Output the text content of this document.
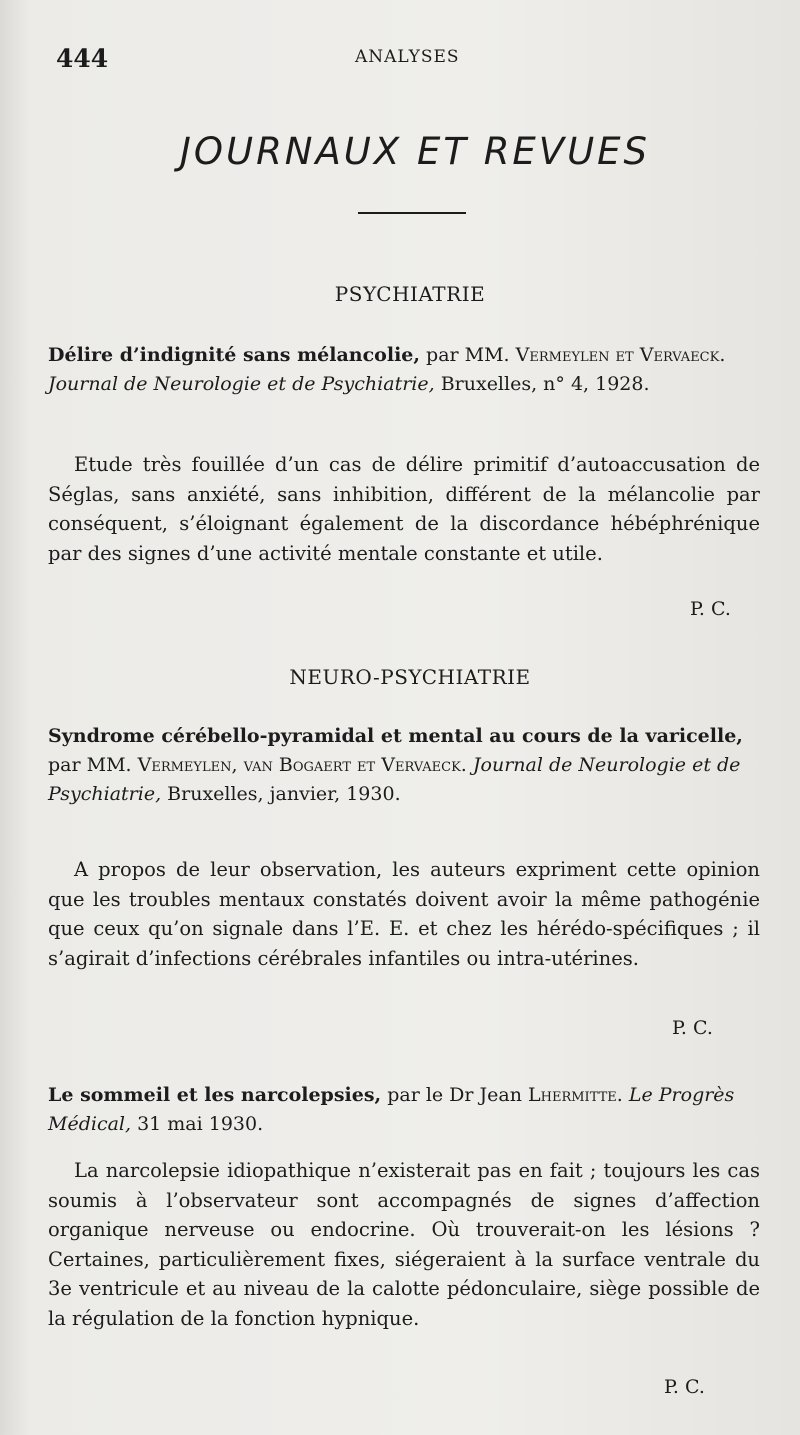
444	ANALYSES
JOURNAUX ET REVUES
PSYCHIATRIE
Délire d’indignité sans mélancolie, par MM. Vermeylen et Vervaeck. Journal de Neurologie et de Psychiatrie, Bruxelles, n° 4, 1928.
Etude très fouillée d’un cas de délire primitif d’autoaccusation de Séglas, sans anxiété, sans inhibition, différent de la mélancolie par conséquent, s’éloignant également de la discordance hébéphrénique par des signes d’une activité mentale constante et utile.
P. C.
NEURO-PSYCHIATRIE
Syndrome cérébello-pyramidal et mental au cours de la varicelle, par MM. Vermeylen, van Bogaert et Vervaeck. Journal de Neurologie et de Psychiatrie, Bruxelles, janvier, 1930.
A propos de leur observation, les auteurs expriment cette opinion que les troubles mentaux constatés doivent avoir la même pathogénie que ceux qu’on signale dans l’E. E. et chez les hérédo-spécifiques ; il s’agirait d’infections cérébrales infantiles ou intra-utérines.
P. C.
Le sommeil et les narcolepsies, par le Dr Jean Lhermitte. Le Progrès Médical, 31 mai 1930.
La narcolepsie idiopathique n’existerait pas en fait ; toujours les cas soumis à l’observateur sont accompagnés de signes d’affection organique nerveuse ou endocrine. Où trouverait-on les lésions ? Certaines, particulièrement fixes, siégeraient à la surface ventrale du 3e ventricule et au niveau de la calotte pédonculaire, siège possible de la régulation de la fonction hypnique.
P. C.
